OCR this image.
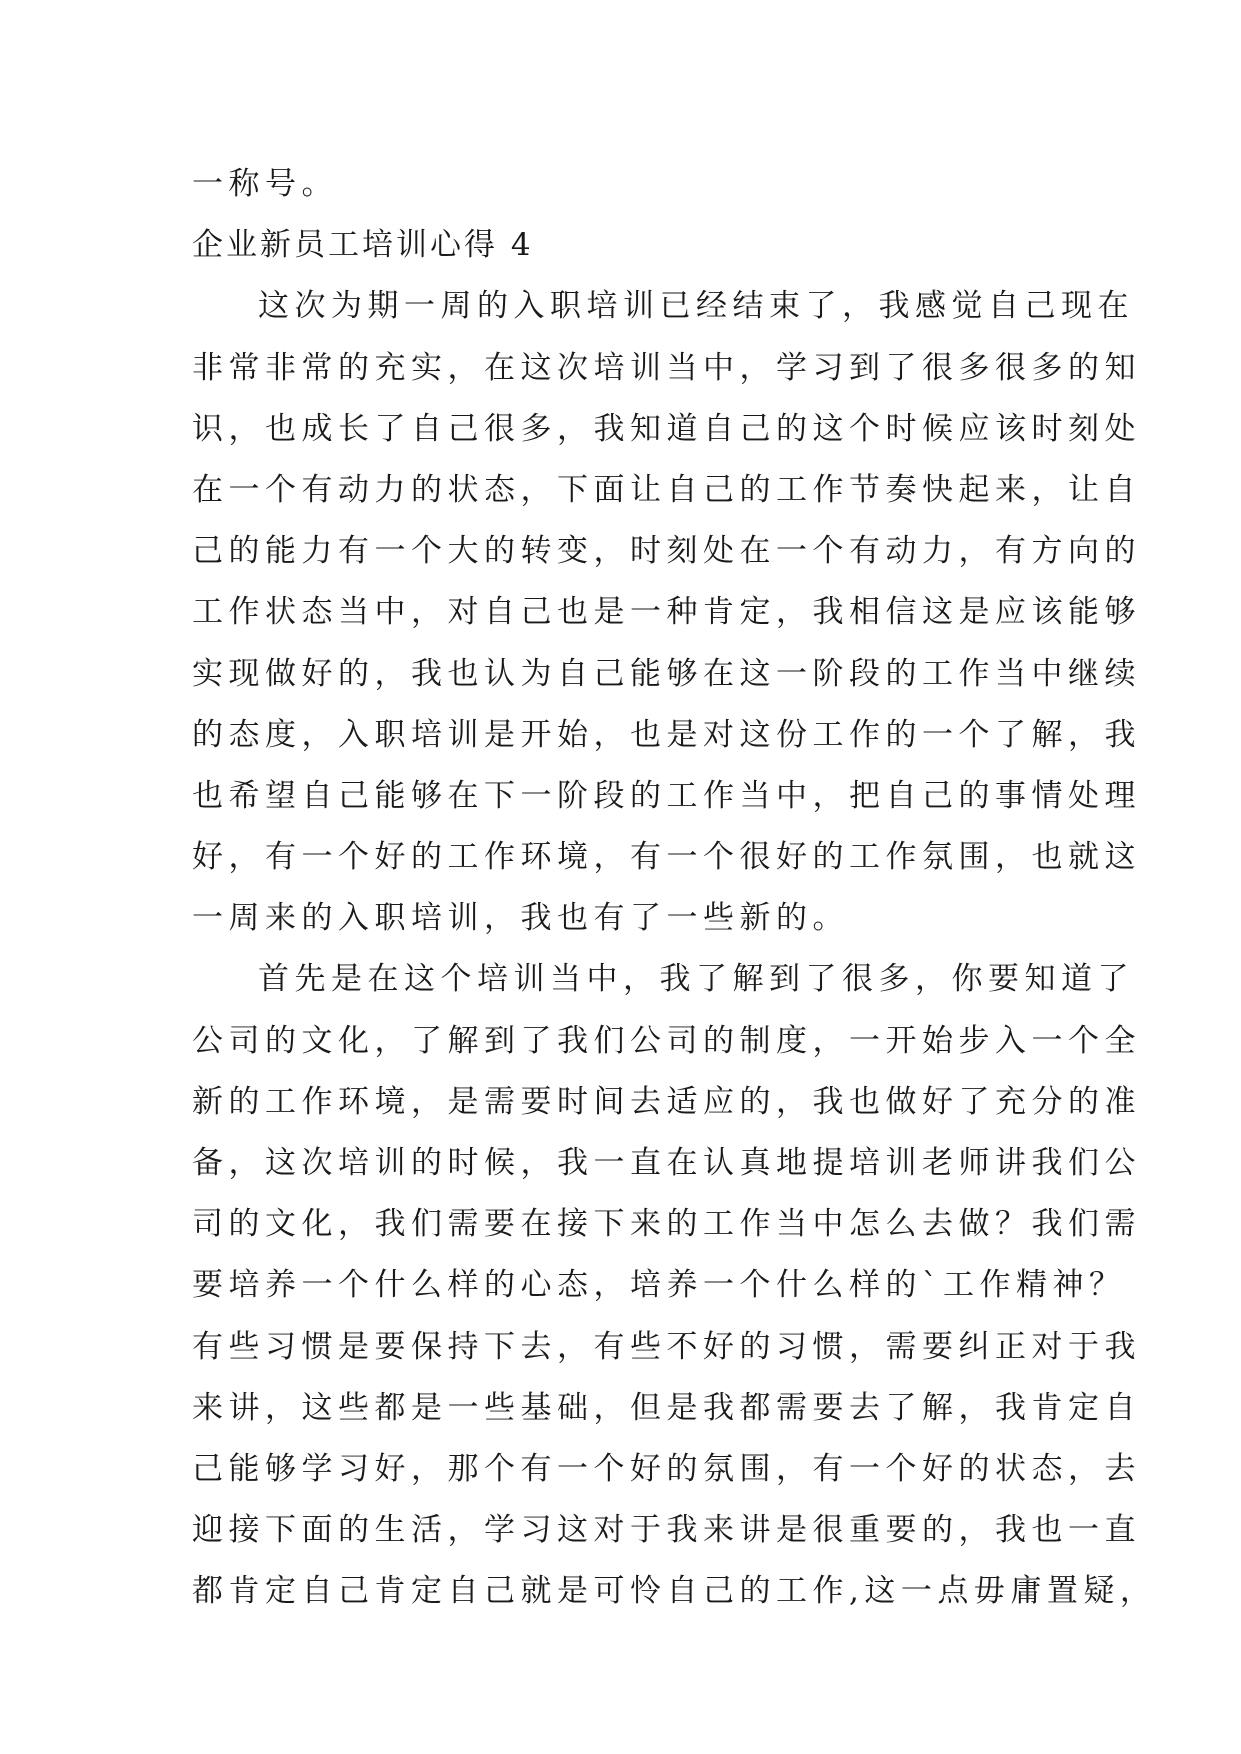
一称号。
企业新员工培训心得 4
这次为期一周的入职培训已经结束了，我感觉自己现在
非常非常的充实，在这次培训当中，学习到了很多很多的知
识，也成长了自己很多，我知道自己的这个时候应该时刻处
在一个有动力的状态，下面让自己的工作节奏快起来，让自
己的能力有一个大的转变，时刻处在一个有动力，有方向的
工作状态当中，对自己也是一种肯定，我相信这是应该能够
实现做好的，我也认为自己能够在这一阶段的工作当中继续
的态度，入职培训是开始，也是对这份工作的一个了解，我
也希望自己能够在下一阶段的工作当中，把自己的事情处理
好，有一个好的工作环境，有一个很好的工作氛围，也就这
一周来的入职培训，我也有了一些新的。
首先是在这个培训当中，我了解到了很多，你要知道了
公司的文化，了解到了我们公司的制度，一开始步入一个全
新的工作环境，是需要时间去适应的，我也做好了充分的准
备，这次培训的时候，我一直在认真地提培训老师讲我们公
司的文化，我们需要在接下来的工作当中怎么去做？我们需
要培养一个什么样的心态，培养一个什么样的`工作精神？
有些习惯是要保持下去，有些不好的习惯，需要纠正对于我
来讲，这些都是一些基础，但是我都需要去了解，我肯定自
己能够学习好，那个有一个好的氛围，有一个好的状态，去
迎接下面的生活，学习这对于我来讲是很重要的，我也一直
都肯定自己肯定自己就是可怜自己的工作,这一点毋庸置疑，
